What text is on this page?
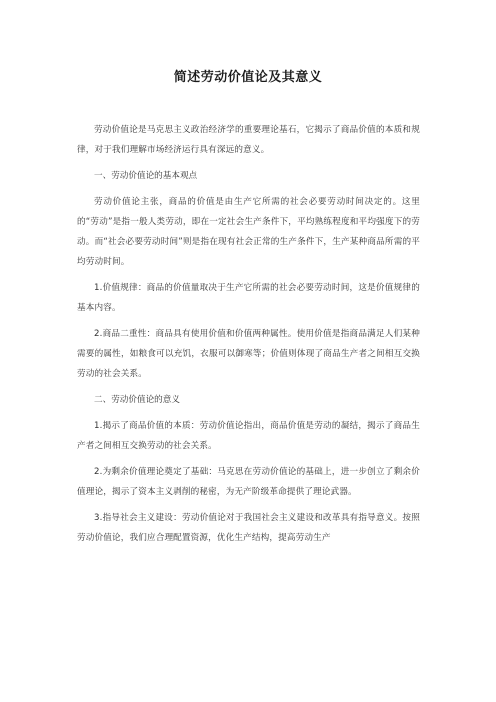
简述劳动价值论及其意义

劳动价值论是马克思主义政治经济学的重要理论基石，它揭示了商品价值的本质和规律，对于我们理解市场经济运行具有深远的意义。

一、劳动价值论的基本观点

劳动价值论主张，商品的价值是由生产它所需的社会必要劳动时间决定的。这里的“劳动”是指一般人类劳动，即在一定社会生产条件下，平均熟练程度和平均强度下的劳动。而“社会必要劳动时间”则是指在现有社会正常的生产条件下，生产某种商品所需的平均劳动时间。

1.价值规律：商品的价值量取决于生产它所需的社会必要劳动时间，这是价值规律的基本内容。

2.商品二重性：商品具有使用价值和价值两种属性。使用价值是指商品满足人们某种需要的属性，如粮食可以充饥，衣服可以御寒等；价值则体现了商品生产者之间相互交换劳动的社会关系。

二、劳动价值论的意义

1.揭示了商品价值的本质：劳动价值论指出，商品价值是劳动的凝结，揭示了商品生产者之间相互交换劳动的社会关系。

2.为剩余价值理论奠定了基础：马克思在劳动价值论的基础上，进一步创立了剩余价值理论，揭示了资本主义剥削的秘密，为无产阶级革命提供了理论武器。

3.指导社会主义建设：劳动价值论对于我国社会主义建设和改革具有指导意义。按照劳动价值论，我们应合理配置资源，优化生产结构，提高劳动生产
